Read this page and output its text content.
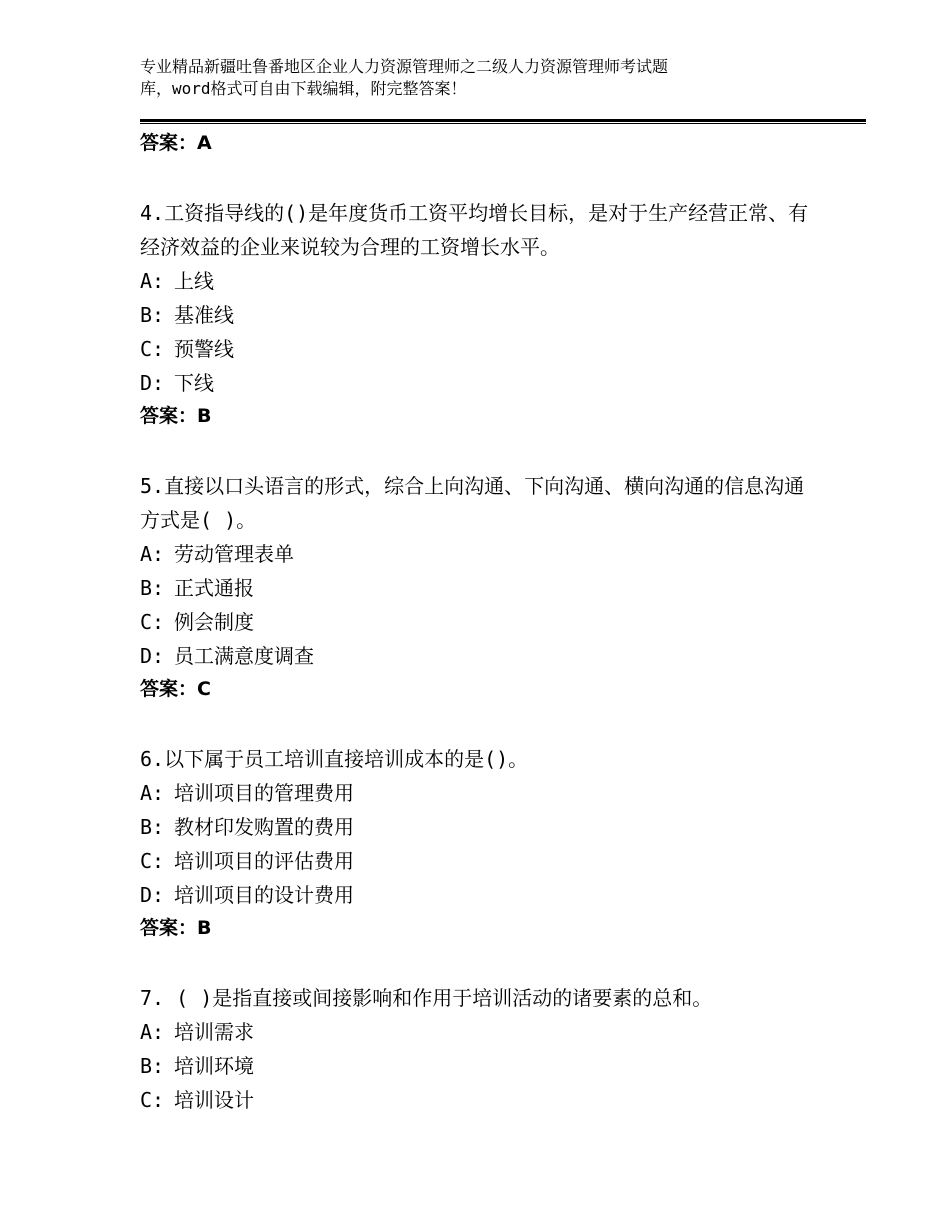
专业精品新疆吐鲁番地区企业人力资源管理师之二级人力资源管理师考试题
库，word格式可自由下载编辑，附完整答案！
答案：A
4.工资指导线的()是年度货币工资平均增长目标，是对于生产经营正常、有经济效益的企业来说较为合理的工资增长水平。
A: 上线
B: 基准线
C: 预警线
D: 下线
答案：B
5.直接以口头语言的形式，综合上向沟通、下向沟通、横向沟通的信息沟通方式是( )。
A: 劳动管理表单
B: 正式通报
C: 例会制度
D: 员工满意度调查
答案：C
6.以下属于员工培训直接培训成本的是()。
A: 培训项目的管理费用
B: 教材印发购置的费用
C: 培训项目的评估费用
D: 培训项目的设计费用
答案：B
7. ( )是指直接或间接影响和作用于培训活动的诸要素的总和。
A: 培训需求
B: 培训环境
C: 培训设计
